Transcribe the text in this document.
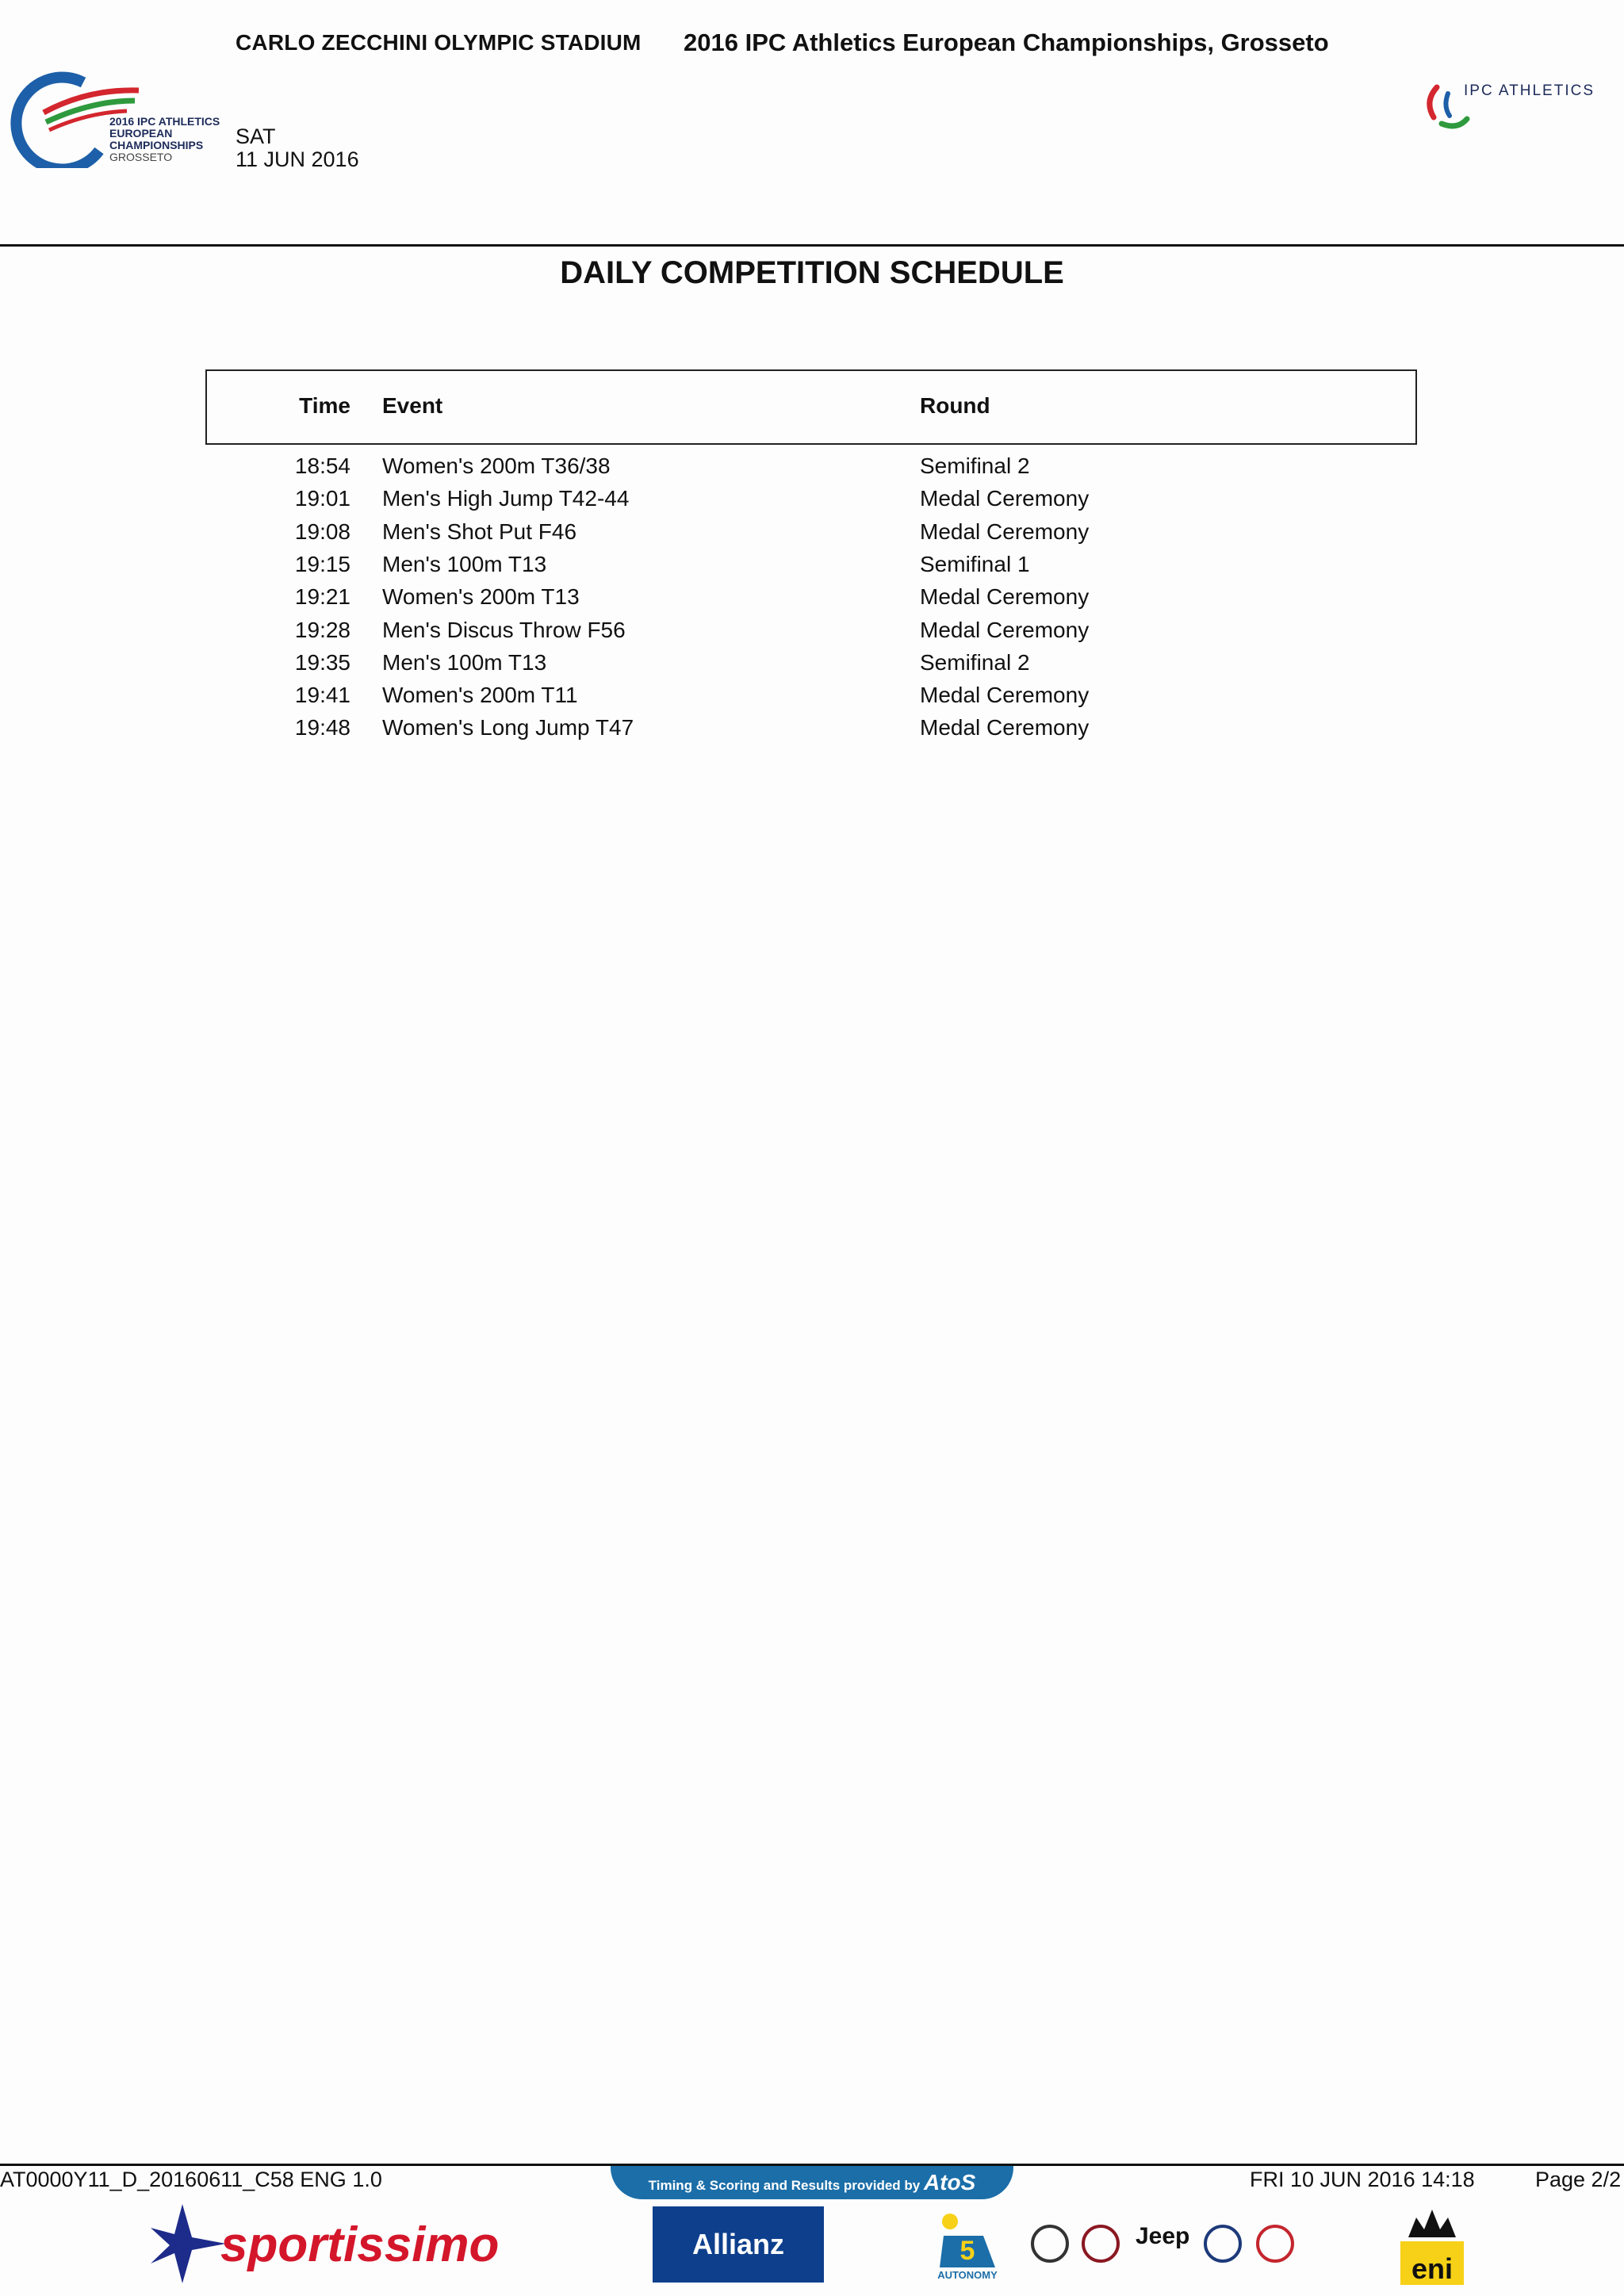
CARLO ZECCHINI OLYMPIC STADIUM 2016 IPC Athletics European Championships, Grosseto
2016 IPC ATHLETICS
EUROPEAN
CHAMPIONSHIPS
GROSSETO
SAT
11 JUN 2016
IPC ATHLETICS
DAILY COMPETITION SCHEDULE
Time Event	Round
18:54 Women's 200m T36/38	Semifinal 2
19:01 Men's High Jump T42-44	Medal Ceremony
19:08 Men's Shot Put F46	Medal Ceremony
19:15 Men's 100m T13	Semifinal 1
19:21 Women's 200m T13	Medal Ceremony
19:28 Men's Discus Throw F56	Medal Ceremony
19:35 Men's 100m T13	Semifinal 2
19:41 Women's 200m T11	Medal Ceremony
19:48 Women's Long Jump T47	Medal Ceremony
AT0000Y11_D_20160611_C58 ENG 1.0	Timing & Scoring and Results provided by AtoS	FRI 10 JUN 2016 14:18	Page 2/2
sportissimo	Allianz	5
AUTONOMY
Jeep
eni
